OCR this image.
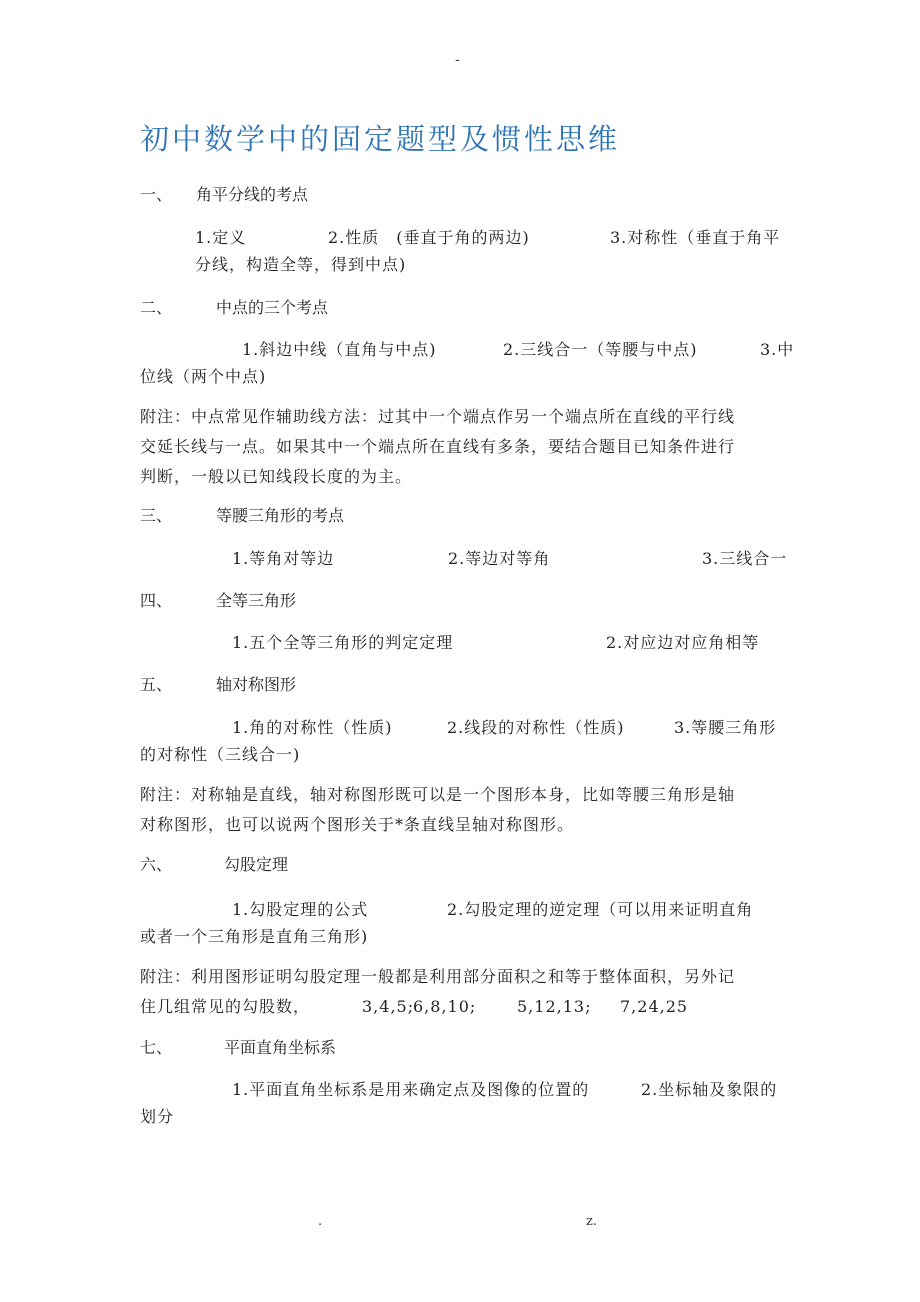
-
初中数学中的固定题型及惯性思维
一、 角平分线的考点
1.定义	2.性质　(垂直于角的两边)	3.对称性（垂直于角平
分线，构造全等，得到中点)
二、	中点的三个考点
1.斜边中线（直角与中点)	2.三线合一（等腰与中点)	3.中
位线（两个中点)
附注：中点常见作辅助线方法：过其中一个端点作另一个端点所在直线的平行线
交延长线与一点。如果其中一个端点所在直线有多条，要结合题目已知条件进行
判断，一般以已知线段长度的为主。
三、	等腰三角形的考点
1.等角对等边	2.等边对等角	3.三线合一
四、	全等三角形
1.五个全等三角形的判定定理	2.对应边对应角相等
五、	轴对称图形
1.角的对称性（性质)	2.线段的对称性（性质)	3.等腰三角形
的对称性（三线合一)
附注：对称轴是直线，轴对称图形既可以是一个图形本身，比如等腰三角形是轴
对称图形，也可以说两个图形关于*条直线呈轴对称图形。
六、	勾股定理
1.勾股定理的公式	2.勾股定理的逆定理（可以用来证明直角
或者一个三角形是直角三角形)
附注：利用图形证明勾股定理一般都是利用部分面积之和等于整体面积，另外记
住几组常见的勾股数，	3,4,5;
6,8,10;	5,12,13; 7,24,25
七、	平面直角坐标系
1.平面直角坐标系是用来确定点及图像的位置的	2.坐标轴及象限的
划分
.	z.
